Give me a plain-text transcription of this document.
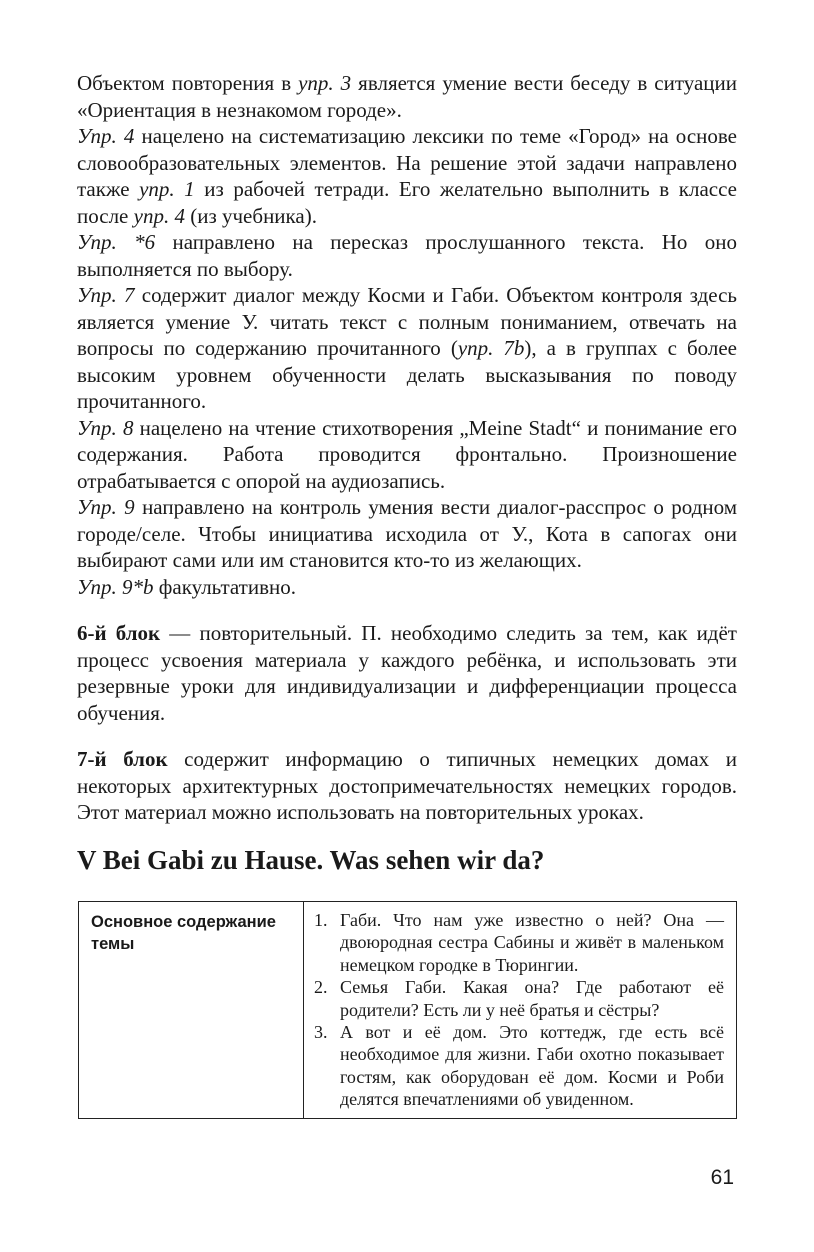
Объектом повторения в упр. 3 является умение вести беседу в ситуации «Ориентация в незнакомом городе».

Упр. 4 нацелено на систематизацию лексики по теме «Город» на основе словообразовательных элементов. На решение этой задачи направлено также упр. 1 из рабочей тетради. Его желательно выполнить в классе после упр. 4 (из учебника).

Упр. *6 направлено на пересказ прослушанного текста. Но оно выполняется по выбору.

Упр. 7 содержит диалог между Косми и Габи. Объектом контроля здесь является умение У. читать текст с полным пониманием, отвечать на вопросы по содержанию прочитанного (упр. 7b), а в группах с более высоким уровнем обученности делать высказывания по поводу прочитанного.

Упр. 8 нацелено на чтение стихотворения „Meine Stadt“ и понимание его содержания. Работа проводится фронтально. Произношение отрабатывается с опорой на аудиозапись.

Упр. 9 направлено на контроль умения вести диалог-расспрос о родном городе/селе. Чтобы инициатива исходила от У., Кота в сапогах они выбирают сами или им становится кто-то из желающих.

Упр. 9*b факультативно.

6-й блок — повторительный. П. необходимо следить за тем, как идёт процесс усвоения материала у каждого ребёнка, и использовать эти резервные уроки для индивидуализации и дифференциации процесса обучения.

7-й блок содержит информацию о типичных немецких домах и некоторых архитектурных достопримечательностях немецких городов. Этот материал можно использовать на повторительных уроках.

V Bei Gabi zu Hause. Was sehen wir da?
Основное содержание темы	
1. Габи. Что нам уже известно о ней? Она — двоюродная сестра Сабины и живёт в маленьком немецком городке в Тюрингии.
2. Семья Габи. Какая она? Где работают её родители? Есть ли у неё братья и сёстры?
3. А вот и её дом. Это коттедж, где есть всё необходимое для жизни. Габи охотно показывает гостям, как оборудован её дом. Косми и Роби делятся впечатлениями об увиденном.
61
